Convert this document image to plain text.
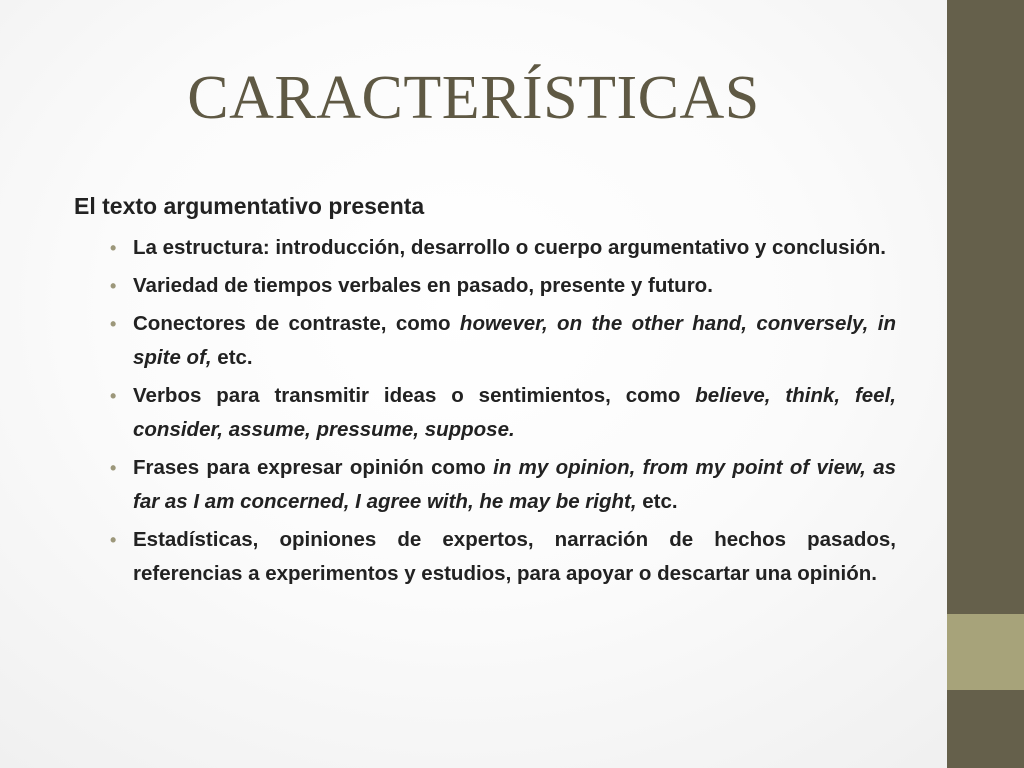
CARACTERÍSTICAS

El texto argumentativo presenta

• La estructura: introducción, desarrollo o cuerpo argumentativo y conclusión.
• Variedad de tiempos verbales en pasado, presente y futuro.
• Conectores de contraste, como however, on the other hand, conversely, in spite of, etc.
• Verbos para transmitir ideas o sentimientos, como believe, think, feel, consider, assume, pressume, suppose.
• Frases para expresar opinión como in my opinion, from my point of view, as far as I am concerned, I agree with, he may be right, etc.
• Estadísticas, opiniones de expertos, narración de hechos pasados, referencias a experimentos y estudios, para apoyar o descartar una opinión.
